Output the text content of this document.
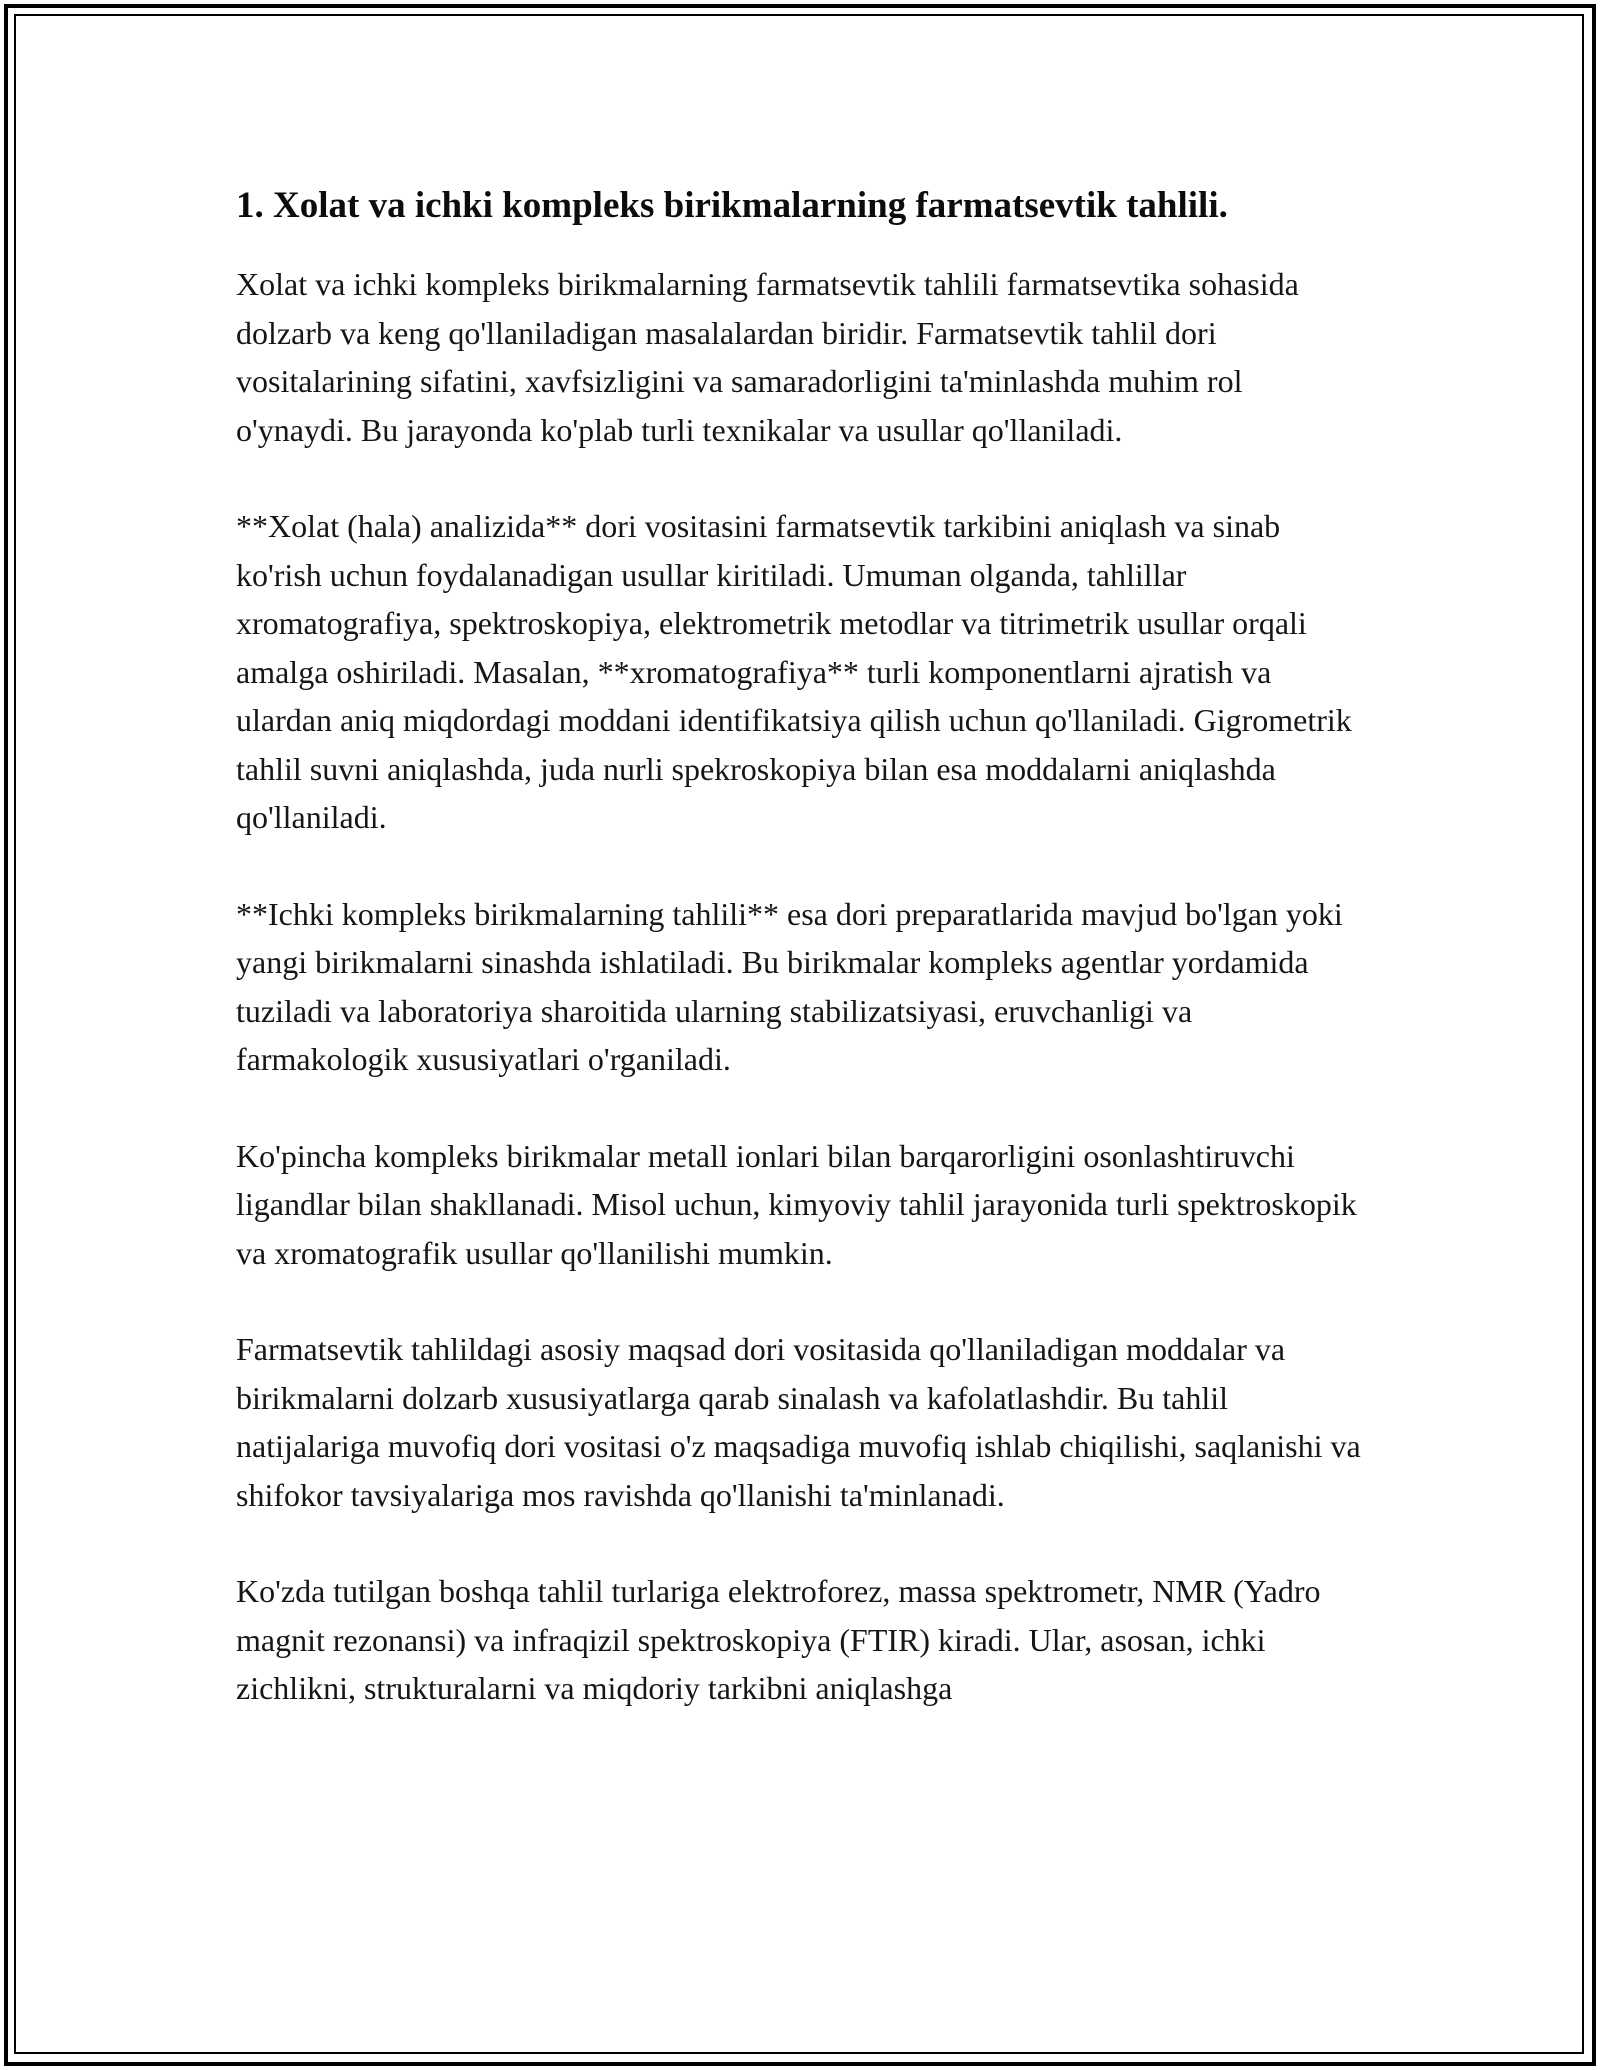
1. Xolat va ichki kompleks birikmalarning farmatsevtik tahlili.

Xolat va ichki kompleks birikmalarning farmatsevtik tahlili farmatsevtika sohasida dolzarb va keng qo'llaniladigan masalalardan biridir. Farmatsevtik tahlil dori vositalarining sifatini, xavfsizligini va samaradorligini ta'minlashda muhim rol o'ynaydi. Bu jarayonda ko'plab turli texnikalar va usullar qo'llaniladi.

**Xolat (hala) analizida** dori vositasini farmatsevtik tarkibini aniqlash va sinab ko'rish uchun foydalanadigan usullar kiritiladi. Umuman olganda, tahlillar xromatografiya, spektroskopiya, elektrometrik metodlar va titrimetrik usullar orqali amalga oshiriladi. Masalan, **xromatografiya** turli komponentlarni ajratish va ulardan aniq miqdordagi moddani identifikatsiya qilish uchun qo'llaniladi. Gigrometrik tahlil suvni aniqlashda, juda nurli spekroskopiya bilan esa moddalarni aniqlashda qo'llaniladi.

**Ichki kompleks birikmalarning tahlili** esa dori preparatlarida mavjud bo'lgan yoki yangi birikmalarni sinashda ishlatiladi. Bu birikmalar kompleks agentlar yordamida tuziladi va laboratoriya sharoitida ularning stabilizatsiyasi, eruvchanligi va farmakologik xususiyatlari o'rganiladi.

Ko'pincha kompleks birikmalar metall ionlari bilan barqarorligini osonlashtiruvchi ligandlar bilan shakllanadi. Misol uchun, kimyoviy tahlil jarayonida turli spektroskopik va xromatografik usullar qo'llanilishi mumkin.

Farmatsevtik tahlildagi asosiy maqsad dori vositasida qo'llaniladigan moddalar va birikmalarni dolzarb xususiyatlarga qarab sinalash va kafolatlashdir. Bu tahlil natijalariga muvofiq dori vositasi o'z maqsadiga muvofiq ishlab chiqilishi, saqlanishi va shifokor tavsiyalariga mos ravishda qo'llanishi ta'minlanadi.

Ko'zda tutilgan boshqa tahlil turlariga elektroforez, massa spektrometr, NMR (Yadro magnit rezonansi) va infraqizil spektroskopiya (FTIR) kiradi. Ular, asosan, ichki zichlikni, strukturalarni va miqdoriy tarkibni aniqlashga
